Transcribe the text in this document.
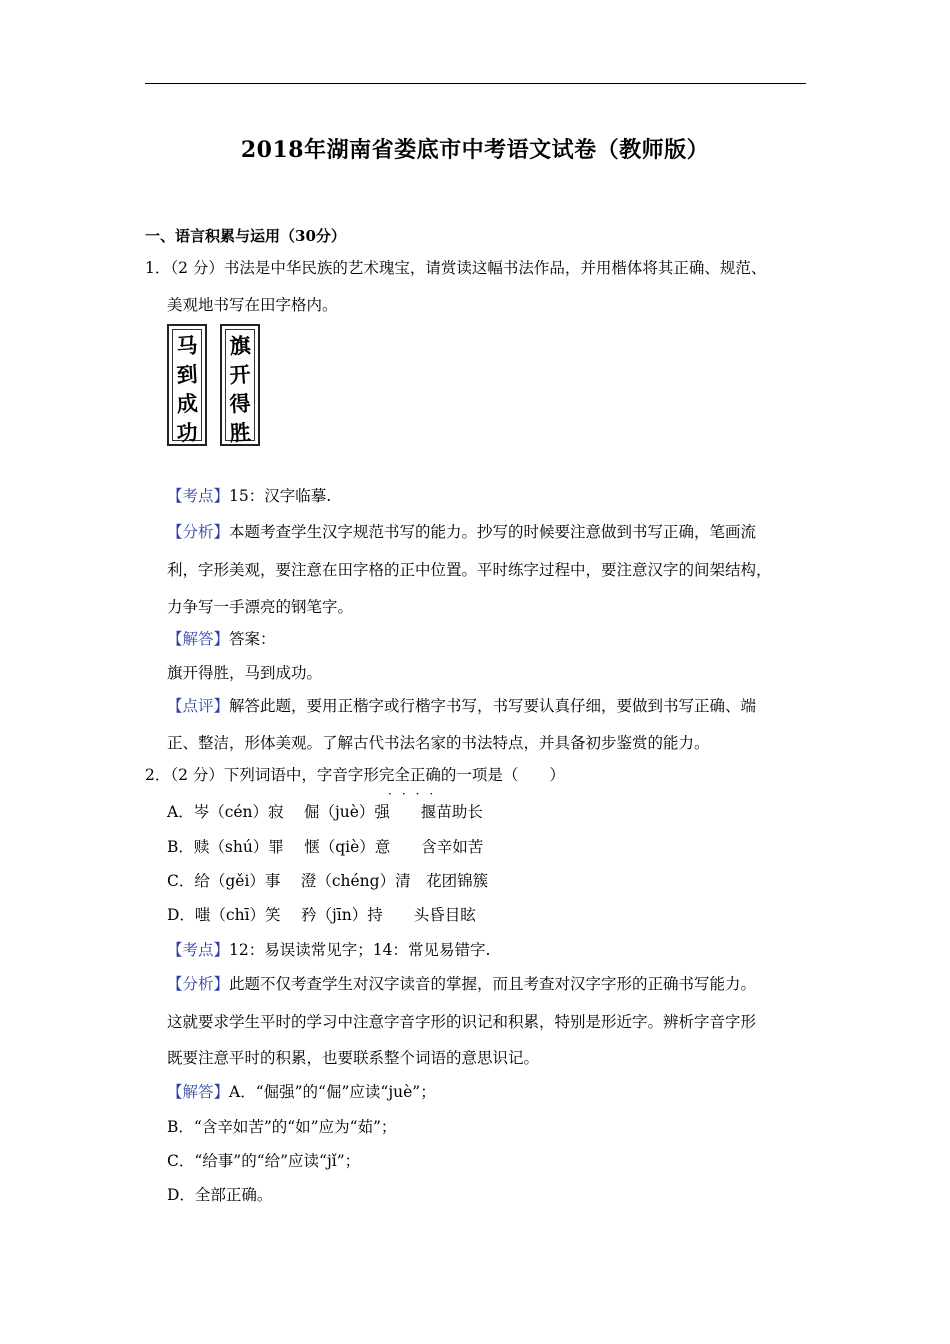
2018年湖南省娄底市中考语文试卷（教师版）
一、语言积累与运用（30分）
1．（2 分）书法是中华民族的艺术瑰宝，请赏读这幅书法作品，并用楷体将其正确、规范、
美观地书写在田字格内。
马
到
成
功
旗
开
得
胜
【考点】15：汉字临摹.
【分析】本题考查学生汉字规范书写的能力。抄写的时候要注意做到书写正确，笔画流
利，字形美观，要注意在田字格的正中位置。平时练字过程中，要注意汉字的间架结构，
力争写一手漂亮的钢笔字。
【解答】答案：
旗开得胜，马到成功。
【点评】解答此题，要用正楷字或行楷字书写，书写要认真仔细，要做到书写正确、端
正、整洁，形体美观。了解古代书法名家的书法特点，并具备初步鉴赏的能力。
2．（2 分）下列词语中，字音字形完全正确的一项是（　　）
····
A．岑（cén）寂　 倔（juè）强　　揠苗助长
B．赎（shú）罪　 惬（qiè）意　　含辛如苦
C．给（gěi）事　 澄（chéng）清　花团锦簇
D．嗤（chī）笑　 矜（jīn）持　　头昏目眩
【考点】12：易误读常见字；14：常见易错字.
【分析】此题不仅考查学生对汉字读音的掌握，而且考查对汉字字形的正确书写能力。
这就要求学生平时的学习中注意字音字形的识记和积累，特别是形近字。辨析字音字形
既要注意平时的积累，也要联系整个词语的意思识记。
【解答】A．“倔强”的“倔”应读“juè”；
B．“含辛如苦”的“如”应为“茹”；
C．“给事”的“给”应读“jǐ”；
D．全部正确。
